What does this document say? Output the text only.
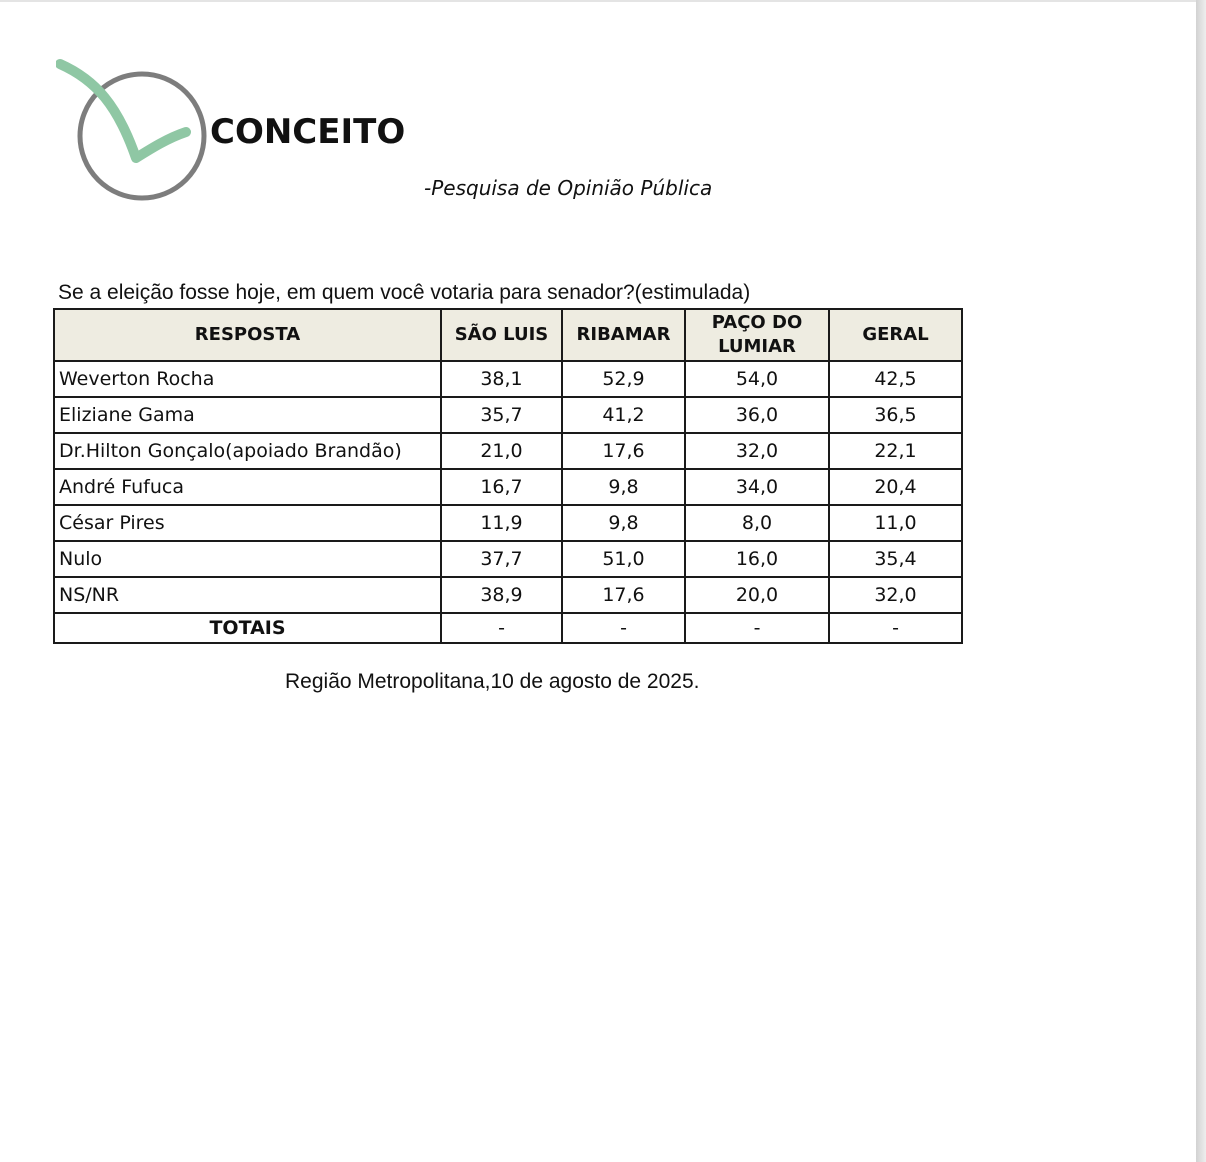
CONCEITO
-Pesquisa de Opinião Pública
Se a eleição fosse hoje, em quem você votaria para senador?(estimulada)
RESPOSTA	SÃO LUIS	RIBAMAR	PAÇO DO LUMIAR	GERAL
Weverton Rocha	38,1	52,9	54,0	42,5
Eliziane Gama	35,7	41,2	36,0	36,5
Dr.Hilton Gonçalo(apoiado Brandão)	21,0	17,6	32,0	22,1
André Fufuca	16,7	9,8	34,0	20,4
César Pires	11,9	9,8	8,0	11,0
Nulo	37,7	51,0	16,0	35,4
NS/NR	38,9	17,6	20,0	32,0
TOTAIS	-	-	-	-
Região Metropolitana,10 de agosto de 2025.
